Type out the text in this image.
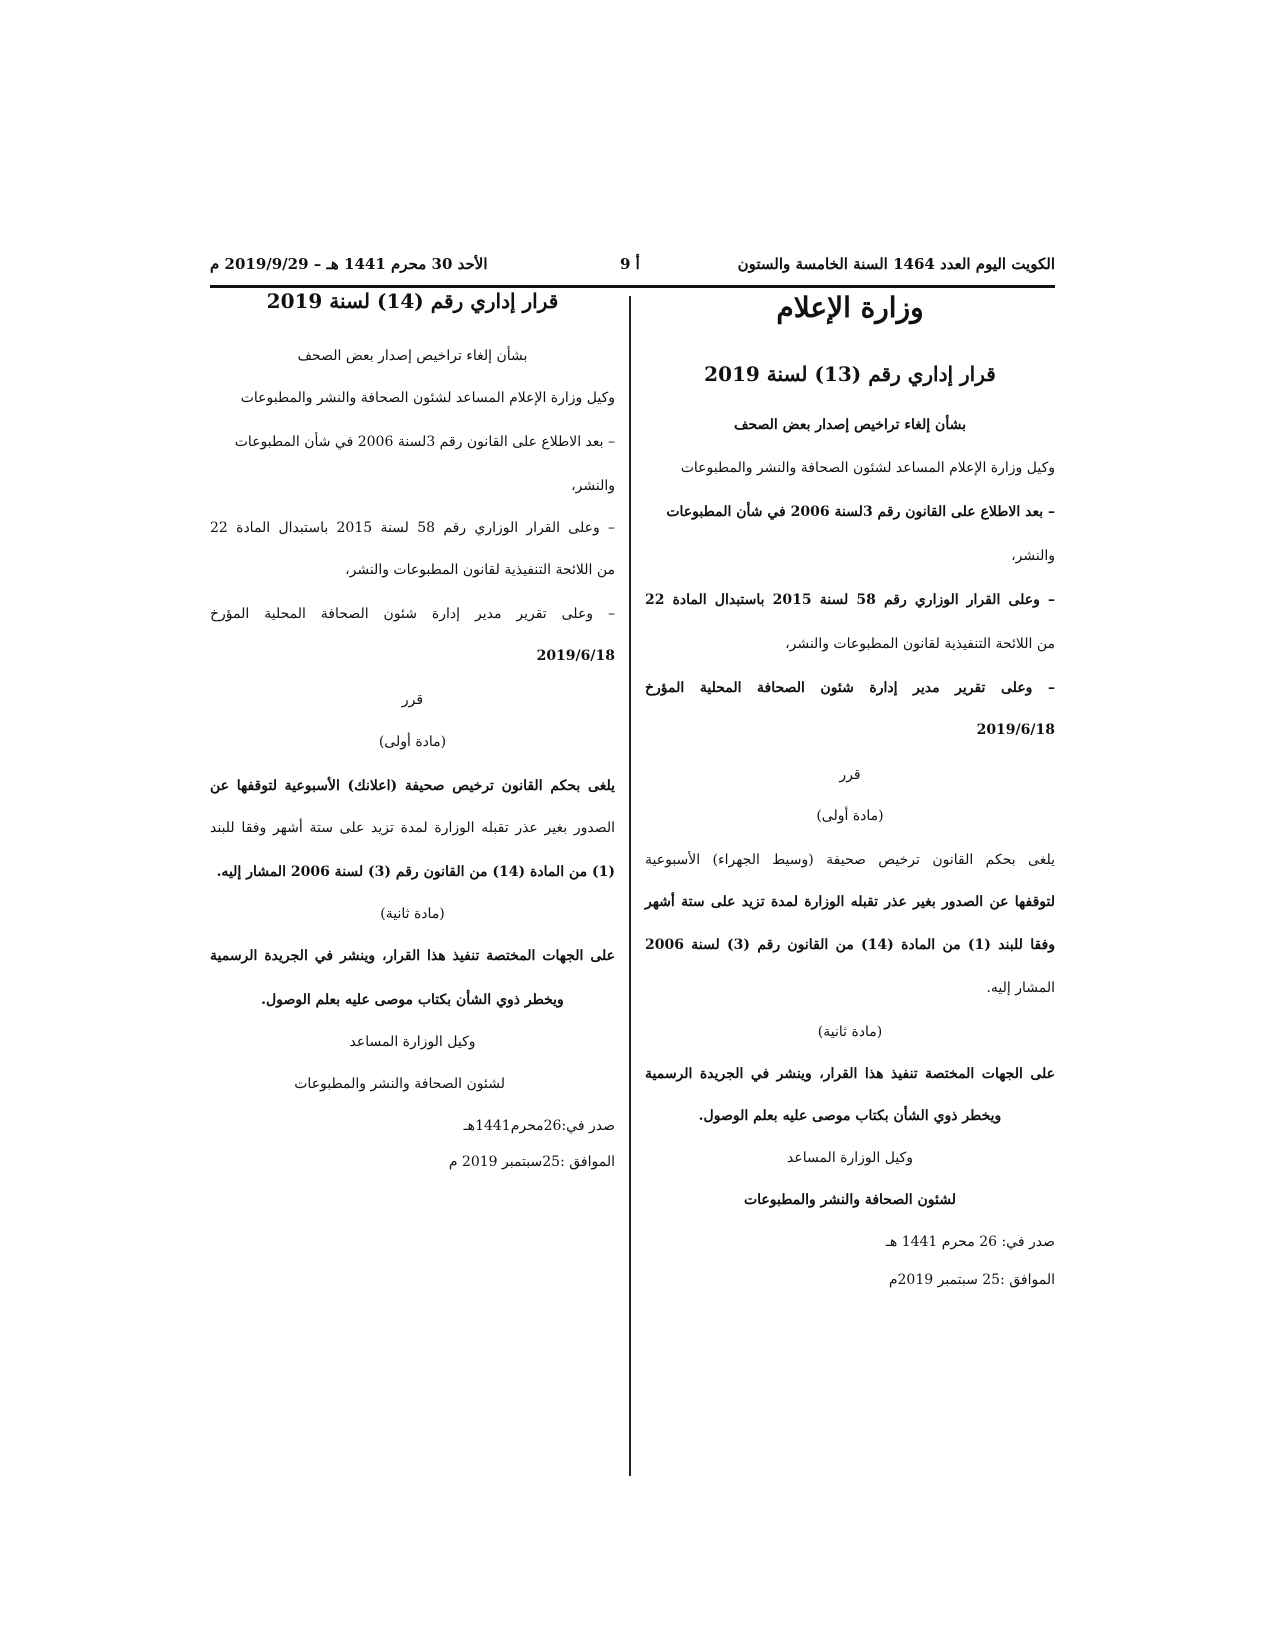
الكويت اليوم العدد 1464 السنة الخامسة والستون
أ 9
الأحد 30 محرم 1441 هـ – 2019/9/29 م
وزارة الإعلام
قرار إداري رقم (13) لسنة 2019
بشأن إلغاء تراخيص إصدار بعض الصحف
وكيل وزارة الإعلام المساعد لشئون الصحافة والنشر والمطبوعات
– بعد الاطلاع على القانون رقم 3لسنة 2006 في شأن المطبوعات
والنشر،
– وعلى القرار الوزاري رقم 58 لسنة 2015 باستبدال المادة 22
من اللائحة التنفيذية لقانون المطبوعات والنشر،
– وعلى تقرير مدير إدارة شئون الصحافة المحلية المؤرخ
2019/6/18
قرر
(مادة أولى)
يلغى بحكم القانون ترخيص صحيفة (وسيط الجهراء) الأسبوعية
لتوقفها عن الصدور بغير عذر تقبله الوزارة لمدة تزيد على ستة أشهر
وفقا للبند (1) من المادة (14) من القانون رقم (3) لسنة 2006
المشار إليه.
(مادة ثانية)
على الجهات المختصة تنفيذ هذا القرار، وينشر في الجريدة الرسمية
ويخطر ذوي الشأن بكتاب موصى عليه بعلم الوصول.
وكيل الوزارة المساعد
لشئون الصحافة والنشر والمطبوعات
صدر في: 26 محرم 1441 هـ
الموافق :25 سبتمبر 2019م
قرار إداري رقم (14) لسنة 2019
بشأن إلغاء تراخيص إصدار بعض الصحف
وكيل وزارة الإعلام المساعد لشئون الصحافة والنشر والمطبوعات
– بعد الاطلاع على القانون رقم 3لسنة 2006 في شأن المطبوعات
والنشر،
– وعلى القرار الوزاري رقم 58 لسنة 2015 باستبدال المادة 22
من اللائحة التنفيذية لقانون المطبوعات والنشر،
– وعلى تقرير مدير إدارة شئون الصحافة المحلية المؤرخ
2019/6/18
قرر
(مادة أولى)
يلغى بحكم القانون ترخيص صحيفة (اعلانك) الأسبوعية لتوقفها عن
الصدور بغير عذر تقبله الوزارة لمدة تزيد على ستة أشهر وفقا للبند
(1) من المادة (14) من القانون رقم (3) لسنة 2006 المشار إليه.
(مادة ثانية)
على الجهات المختصة تنفيذ هذا القرار، وينشر في الجريدة الرسمية
ويخطر ذوي الشأن بكتاب موصى عليه بعلم الوصول.
وكيل الوزارة المساعد
لشئون الصحافة والنشر والمطبوعات
صدر في:26محرم1441هـ
الموافق :25سبتمبر 2019 م
